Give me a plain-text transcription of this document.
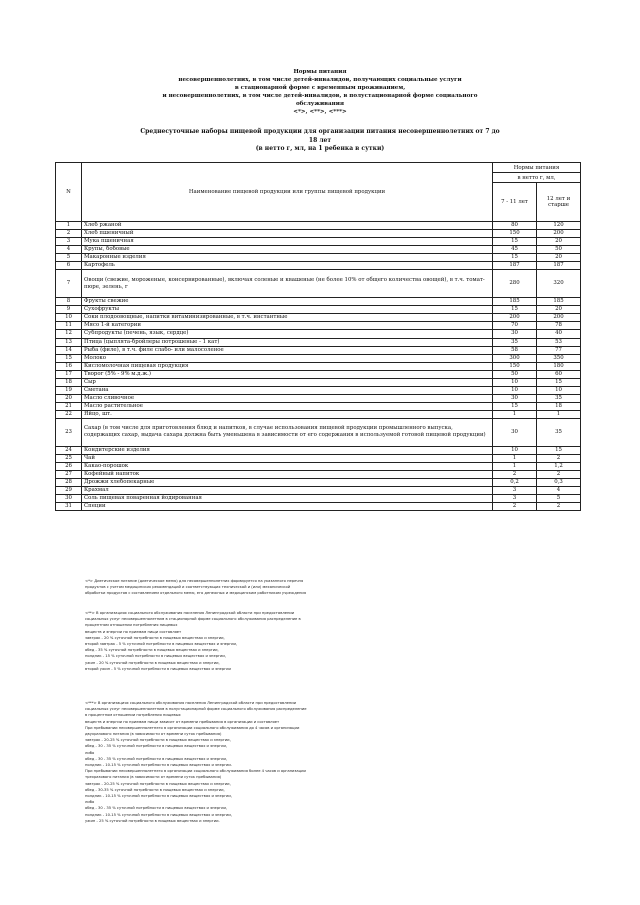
Нормы питания
несовершеннолетних, в том числе детей-инвалидов, получающих социальные услуги
в стационарной форме с временным проживанием,
и несовершеннолетних, в том числе детей-инвалидов, в полустационарной форме социального
обслуживания
<*>, <**>, <***>
Среднесуточные наборы пищевой продукции для организации питания несовершеннолетних от 7 до
18 лет
(в нетто г, мл, на 1 ребенка в сутки)
N	Наименование пищевой продукции или группы пищевой продукции	Нормы питания	
		в нетто г, мл,	
		7 - 11 лет	12 лет и старше
1	Хлеб ржаной	80	120
2	Хлеб пшеничный	150	200
3	Мука пшеничная	15	20
4	Крупы, бобовые	45	50
5	Макаронные изделия	15	20
6	Картофель	187	187
7	Овощи (свежие, мороженые, консервированные), включая соленые и квашеные (не более 10% от общего количества овощей), в т.ч. томат-пюре, зелень, г	280	320
8	Фрукты свежие	185	185
9	Сухофрукты	15	20
10	Соки плодоовощные, напитки витаминизированные, в т.ч. инстантные	200	200
11	Мясо 1-й категории	70	78
12	Субпродукты (печень, язык, сердце)	30	40
13	Птица (цыплята-бройлеры потрошеные - 1 кат)	35	53
14	Рыба (филе), в т.ч. филе слабо- или малосоленое	58	77
15	Молоко	300	350
16	Кисломолочная пищевая продукция	150	180
17	Творог (5% - 9% м.д.ж.)	50	60
18	Сыр	10	15
19	Сметана	10	10
20	Масло сливочное	30	35
21	Масло растительное	15	18
22	Яйцо, шт.	1	1
23	Сахар (в том числе для приготовления блюд и напитков, в случае использования пищевой продукции промышленного выпуска, содержащих сахар, выдача сахара должна быть уменьшена в зависимости от его содержания в используемой готовой пищевой продукции)	30	35
24	Кондитерские изделия	10	15
25	Чай	1	2
26	Какао-порошок	1	1,2
27	Кофейный напиток	2	2
28	Дрожжи хлебопекарные	0,2	0,3
29	Крахмал	3	4
30	Соль пищевая поваренная йодированная	3	5
31	Специи	2	2
<*> Диетическое питание (диетическое меню) для несовершеннолетних формируется на указанного перечня
продуктов с учетом медицинских рекомендаций и соответствующих технической и (или) механической
обработки продуктов с составлением отдельного меню, его денежных и медицинским работником учреждения
<**> В организациях социального обслуживания населения Ленинградской области при предоставлении
социальных услуг несовершеннолетним в стационарной форме социального обслуживания распределение в
процентном отношении потребления пищевых
веществ и энергии по приемам пищи составляет
завтрак - 20 % суточной потребности в пищевых веществах и энергии,
второй завтрак - 5 % суточной потребности в пищевых веществах и энергии,
обед - 35 % суточной потребности в пищевых веществах и энергии,
полдник - 15 % суточной потребности в пищевых веществах и энергии,
ужин - 20 % суточной потребности в пищевых веществах и энергии,
второй ужин - 5 % суточной потребности в пищевых веществах и энергии
<***> В организациях социального обслуживания населения Ленинградской области при предоставлении
социальных услуг несовершеннолетним в полустационарной форме социального обслуживания распределение
в процентном отношении потребления пищевых
веществ и энергии по приемам пищи зависит от времени пребывания в организации и составляет
При пребывании несовершеннолетнего в организации социального обслуживания до 4 часов и организации
двухразового питания (в зависимости от времени суток пребывания)
завтрак - 20-25 % суточной потребности в пищевых веществах и энергии,
обед - 30 - 35 % суточной потребности в пищевых веществах и энергии,
либо
обед - 30 - 35 % суточной потребности в пищевых веществах и энергии,
полдник - 10-15 % суточной потребности в пищевых веществах и энергии.
При пребывании несовершеннолетнего в организации социального обслуживания более 4 часов и организации
трехразового питания (в зависимости от времени суток пребывания)
завтрак - 20-25 % суточной потребности в пищевых веществах и энергии,
обед - 30-35 % суточной потребности в пищевых веществах и энергии,
полдник - 10-15 % суточной потребности в пищевых веществах и энергии,
либо
обед - 30 - 35 % суточной потребности в пищевых веществах и энергии,
полдник - 10-15 % суточной потребности в пищевых веществах и энергии,
ужин - 25 % суточной потребности в пищевых веществах и энергии.
